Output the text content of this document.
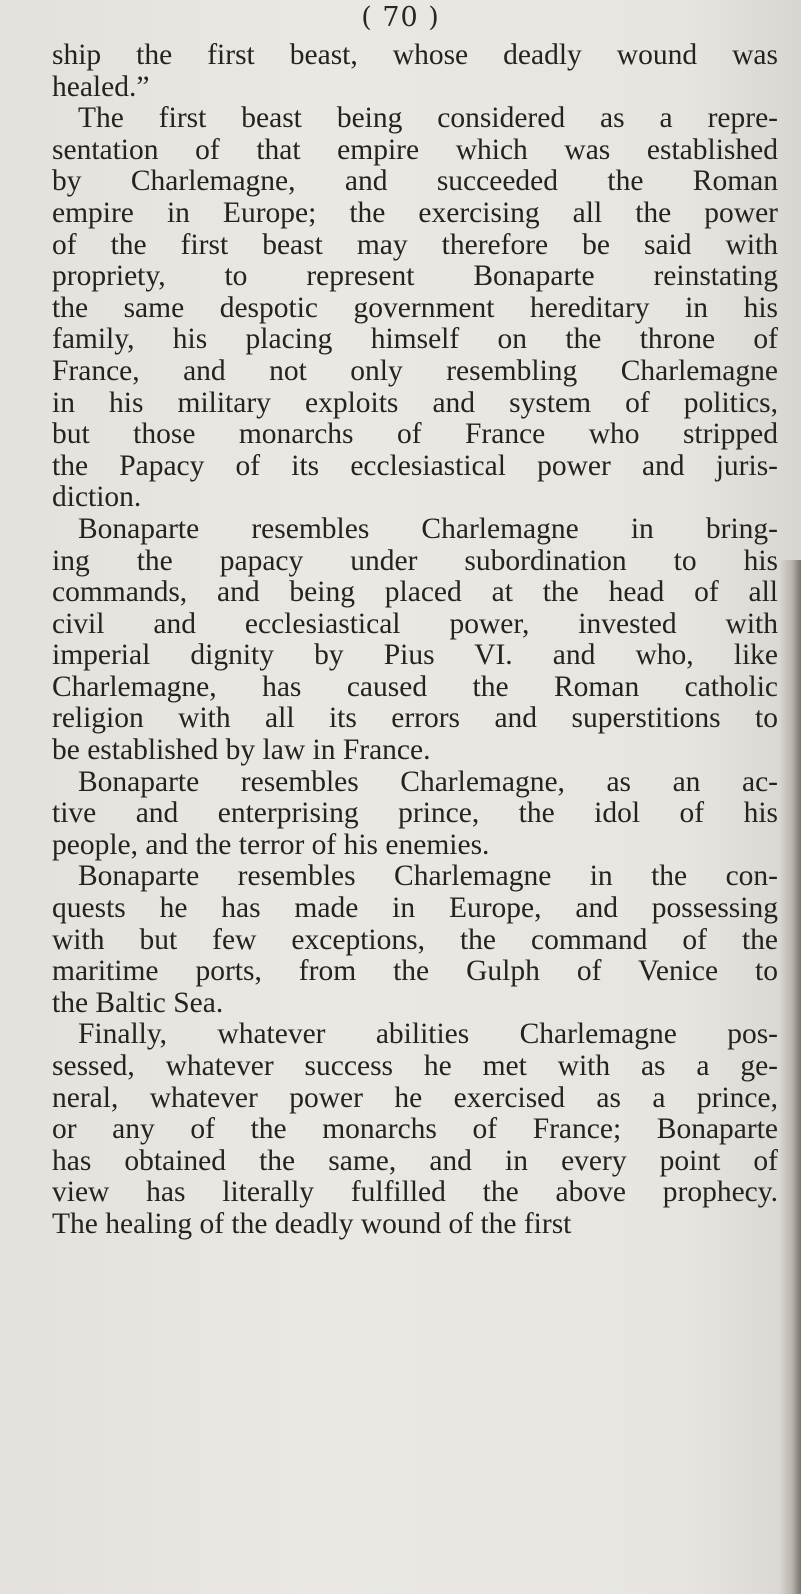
( 70 )

ship the first beast, whose deadly wound was
healed.”

The first beast being considered as a repre-
sentation of that empire which was established
by Charlemagne, and succeeded the Roman
empire in Europe; the exercising all the power
of the first beast may therefore be said with
propriety, to represent Bonaparte reinstating
the same despotic government hereditary in his
family, his placing himself on the throne of
France, and not only resembling Charlemagne
in his military exploits and system of politics,
but those monarchs of France who stripped
the Papacy of its ecclesiastical power and juris-
diction.

Bonaparte resembles Charlemagne in bring-
ing the papacy under subordination to his
commands, and being placed at the head of all
civil and ecclesiastical power, invested with
imperial dignity by Pius VI. and who, like
Charlemagne, has caused the Roman catholic
religion with all its errors and superstitions to
be established by law in France.

Bonaparte resembles Charlemagne, as an ac-
tive and enterprising prince, the idol of his
people, and the terror of his enemies.

Bonaparte resembles Charlemagne in the con-
quests he has made in Europe, and possessing
with but few exceptions, the command of the
maritime ports, from the Gulph of Venice to
the Baltic Sea.

Finally, whatever abilities Charlemagne pos-
sessed, whatever success he met with as a ge-
neral, whatever power he exercised as a prince,
or any of the monarchs of France; Bonaparte
has obtained the same, and in every point of
view has literally fulfilled the above prophecy.
The healing of the deadly wound of the first
